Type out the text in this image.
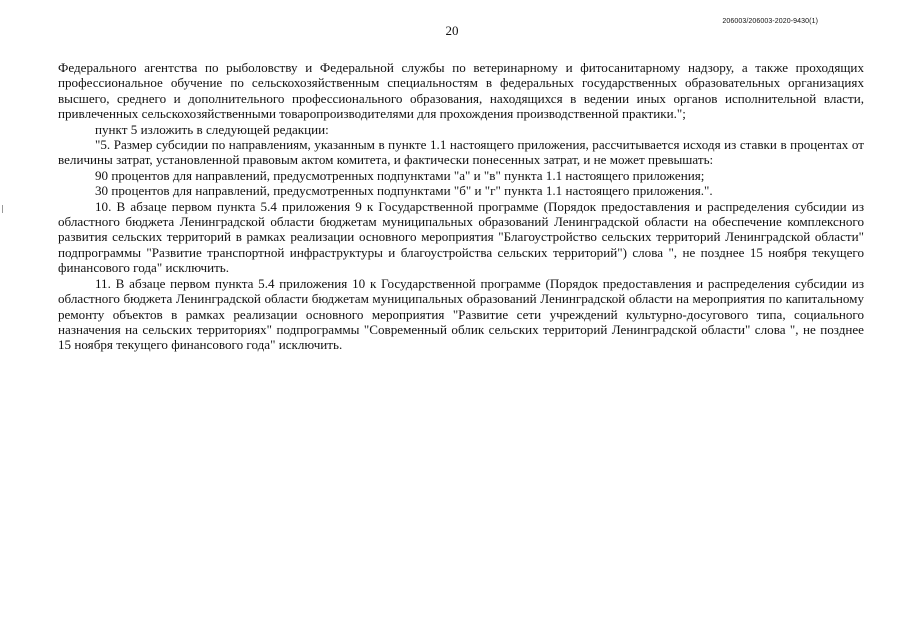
20
206003/206003-2020-9430(1)

Федерального агентства по рыболовству и Федеральной службы по ветеринарному и фитосанитарному надзору, а также проходящих профессиональное обучение по сельскохозяйственным специальностям в федеральных государственных образовательных организациях высшего, среднего и дополнительного профессионального образования, находящихся в ведении иных органов исполнительной власти, привлеченных сельскохозяйственными товаропроизводителями для прохождения производственной практики.";

пункт 5 изложить в следующей редакции:

"5. Размер субсидии по направлениям, указанным в пункте 1.1 настоящего приложения, рассчитывается исходя из ставки в процентах от величины затрат, установленной правовым актом комитета, и фактически понесенных затрат, и не может превышать:

90 процентов для направлений, предусмотренных подпунктами "а" и "в" пункта 1.1 настоящего приложения;

30 процентов для направлений, предусмотренных подпунктами "б" и "г" пункта 1.1 настоящего приложения.".

10. В абзаце первом пункта 5.4 приложения 9 к Государственной программе (Порядок предоставления и распределения субсидии из областного бюджета Ленинградской области бюджетам муниципальных образований Ленинградской области на обеспечение комплексного развития сельских территорий в рамках реализации основного мероприятия "Благоустройство сельских территорий Ленинградской области" подпрограммы "Развитие транспортной инфраструктуры и благоустройства сельских территорий") слова ", не позднее 15 ноября текущего финансового года" исключить.

11. В абзаце первом пункта 5.4 приложения 10 к Государственной программе (Порядок предоставления и распределения субсидии из областного бюджета Ленинградской области бюджетам муниципальных образований Ленинградской области на мероприятия по капитальному ремонту объектов в рамках реализации основного мероприятия "Развитие сети учреждений культурно-досугового типа, социального назначения на сельских территориях" подпрограммы "Современный облик сельских территорий Ленинградской области" слова ", не позднее 15 ноября текущего финансового года" исключить.
